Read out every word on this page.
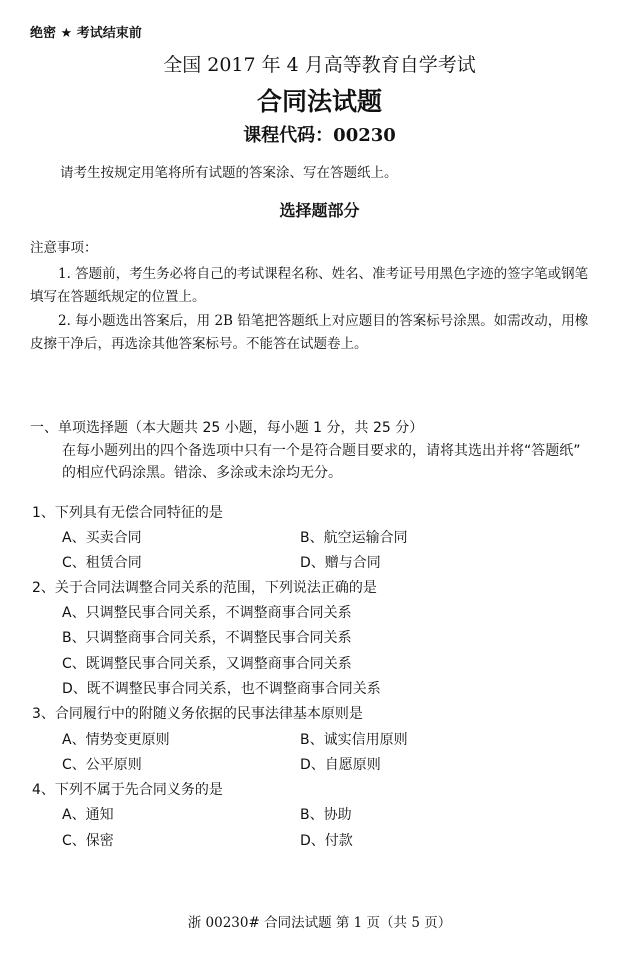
绝密 ★ 考试结束前
全国 2017 年 4 月高等教育自学考试
合同法试题
课程代码：00230
请考生按规定用笔将所有试题的答案涂、写在答题纸上。
选择题部分
注意事项：
1. 答题前，考生务必将自己的考试课程名称、姓名、准考证号用黑色字迹的签字笔或钢笔
填写在答题纸规定的位置上。
2. 每小题选出答案后，用 2B 铅笔把答题纸上对应题目的答案标号涂黑。如需改动，用橡
皮擦干净后，再选涂其他答案标号。不能答在试题卷上。
一、单项选择题（本大题共 25 小题，每小题 1 分，共 25 分）
在每小题列出的四个备选项中只有一个是符合题目要求的，请将其选出并将“答题纸”
的相应代码涂黑。错涂、多涂或未涂均无分。
1、下列具有无偿合同特征的是
A、买卖合同	B、航空运输合同
C、租赁合同	D、赠与合同
2、关于合同法调整合同关系的范围，下列说法正确的是
A、只调整民事合同关系，不调整商事合同关系
B、只调整商事合同关系，不调整民事合同关系
C、既调整民事合同关系，又调整商事合同关系
D、既不调整民事合同关系，也不调整商事合同关系
3、合同履行中的附随义务依据的民事法律基本原则是
A、情势变更原则	B、诚实信用原则
C、公平原则	D、自愿原则
4、下列不属于先合同义务的是
A、通知	B、协助
C、保密	D、付款
浙 00230# 合同法试题 第 1 页（共 5 页）
